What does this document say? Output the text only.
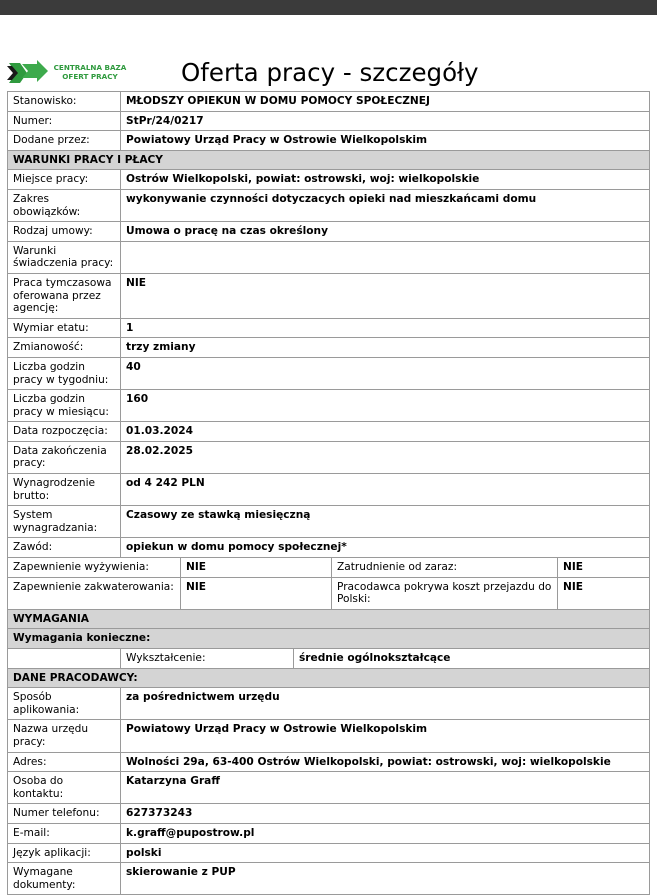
CENTRALNA BAZA
OFERT PRACY	Oferta pracy - szczegóły
Stanowisko:	MŁODSZY OPIEKUN W DOMU POMOCY SPOŁECZNEJ				
Numer:	StPr/24/0217				
Dodane przez:	Powiatowy Urząd Pracy w Ostrowie Wielkopolskim				
WARUNKI PRACY I PŁACY					
Miejsce pracy:	Ostrów Wielkopolski, powiat: ostrowski, woj: wielkopolskie				
Zakres obowiązków:	wykonywanie czynności dotyczacych opieki nad mieszkańcami domu				
Rodzaj umowy:	Umowa o pracę na czas określony				
Warunki świadczenia pracy:					
Praca tymczasowa oferowana przez agencję:	NIE				
Wymiar etatu:	1				
Zmianowość:	trzy zmiany				
Liczba godzin pracy w tygodniu:	40				
Liczba godzin pracy w miesiącu:	160				
Data rozpoczęcia:	01.03.2024				
Data zakończenia pracy:	28.02.2025				
Wynagrodzenie brutto:	od 4 242 PLN				
System wynagradzania:	Czasowy ze stawką miesięczną				
Zawód:	opiekun w domu pomocy społecznej*				
Zapewnienie wyżywienia:		NIE		Zatrudnienie od zaraz:	NIE
Zapewnienie zakwaterowania:		NIE		Pracodawca pokrywa koszt przejazdu do Polski:	NIE
WYMAGANIA					
Wymagania konieczne:					
	Wykształcenie:		średnie ogólnokształcące		
DANE PRACODAWCY:					
Sposób aplikowania:	za pośrednictwem urzędu				
Nazwa urzędu pracy:	Powiatowy Urząd Pracy w Ostrowie Wielkopolskim				
Adres:	Wolności 29a, 63-400 Ostrów Wielkopolski, powiat: ostrowski, woj: wielkopolskie				
Osoba do kontaktu:	Katarzyna Graff				
Numer telefonu:	627373243				
E-mail:	k.graff@pupostrow.pl				
Język aplikacji:	polski				
Wymagane dokumenty:	skierowanie z PUP				
